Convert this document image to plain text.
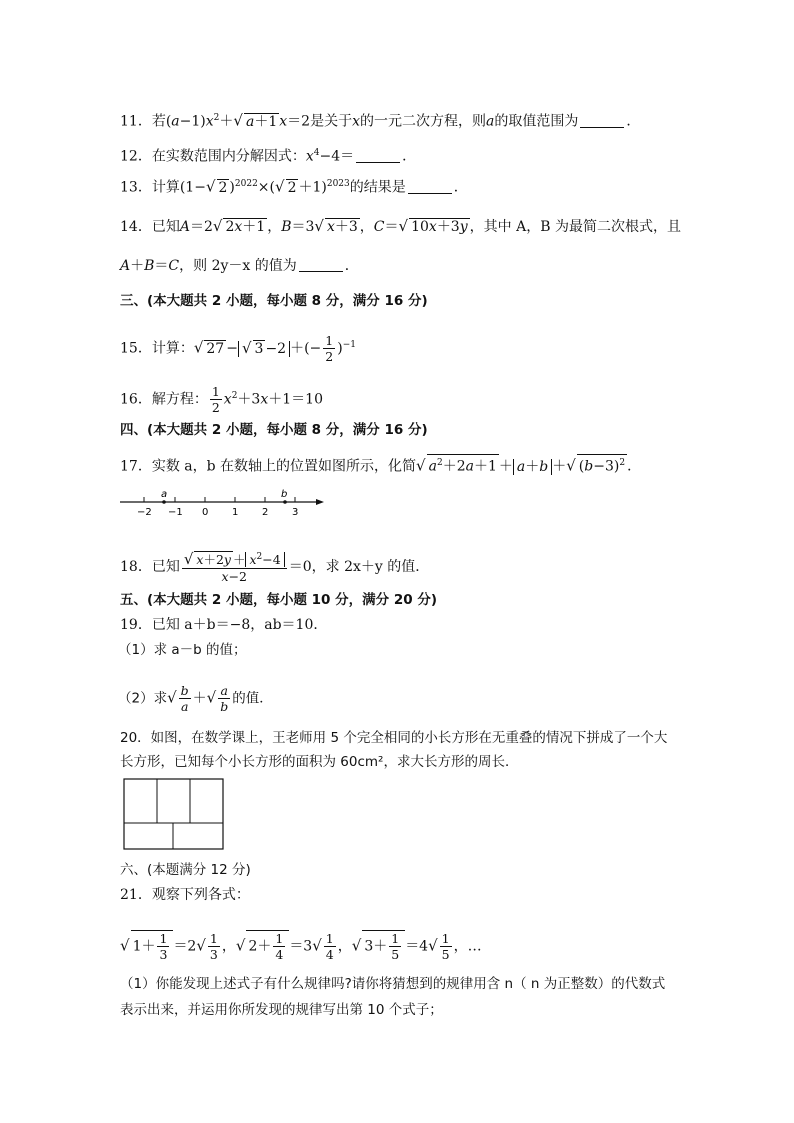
11．若$(a-1)x^2+√$ a＋1 x＝2是关于x的一元二次方程，则a的取值范围为	．
12．在实数范围内分解因式：$x^4-4=$	．
13．计算(1−√ 2 )$^{2022}$×(√ 2 ＋1)$^{2023}$的结果是	．
14．已知A＝2√ 2x＋1 ，B＝3√ x＋3 ，C＝√ 10x＋3y ，其中 A，B 为最简二次根式，且
A＋B＝C，则 2y－x 的值为	．
三、(本大题共 2 小题，每小题 8 分，满分 16 分)
15．计算：√ 27 − √ 3 −2 ＋(− $\frac{1}{2} )^{-1}$
16．解方程： $\frac{1}{2} x^2+3x+1=10$
四、(本大题共 2 小题，每小题 8 分，满分 16 分)
17．实数 a，b 在数轴上的位置如图所示，化简√ $a^2+2a+1 + a+b$ ＋√ $(b-3)^2$ ．
a	b
−2 −1 0 1 2 3
18．已知 $\frac{√ x+2y + x^2-4}{x-2} =0$，求 2x＋y 的值．
五、(本大题共 2 小题，每小题 10 分，满分 20 分)
19．已知 a＋b＝−8，ab＝10．
（1）求 a－b 的值；
（2）求√ $\frac{b}{a}$ ＋√ $\frac{a}{b}$ 的值．
20．如图，在数学课上，王老师用 5 个完全相同的小长方形在无重叠的情况下拼成了一个大
长方形，已知每个小长方形的面积为 60cm²，求大长方形的周长．
六、(本题满分 12 分)
21．观察下列各式：
√ $1+ \frac{1}{3} =2√ \frac{1}{3}$ ，√ $2+ \frac{1}{4} =3√ \frac{1}{4}$ ，√ $3+ \frac{1}{5} =4√ \frac{1}{5}$ ，…
（1）你能发现上述式子有什么规律吗?请你将猜想到的规律用含 n（ n 为正整数）的代数式
表示出来，并运用你所发现的规律写出第 10 个式子；
